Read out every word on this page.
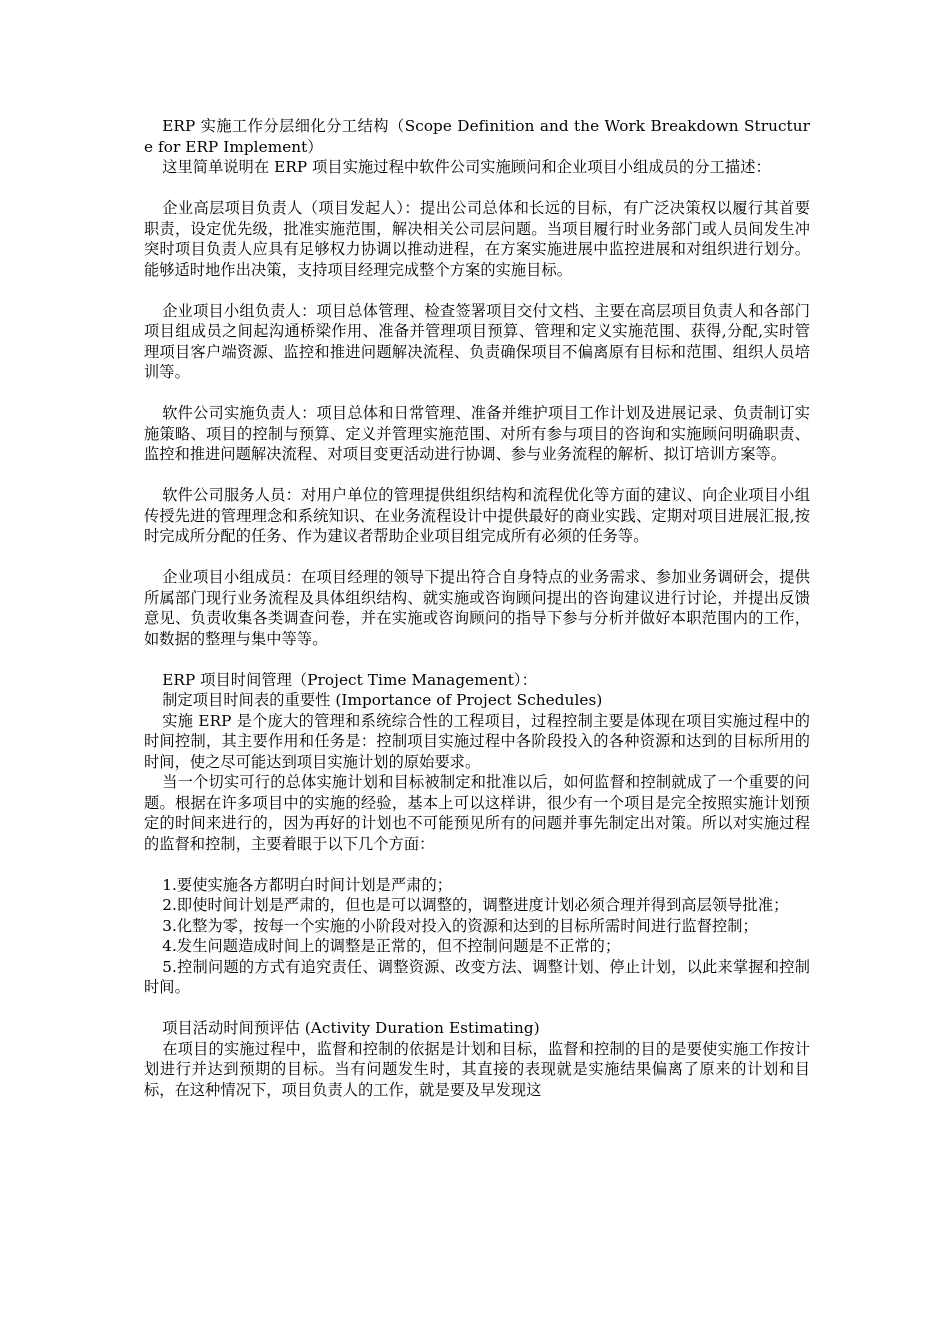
ERP 实施工作分层细化分工结构（Scope Definition and the Work Breakdown Structure for ERP Implement）

这里简单说明在 ERP 项目实施过程中软件公司实施顾问和企业项目小组成员的分工描述：

企业高层项目负责人（项目发起人）：提出公司总体和长远的目标，有广泛决策权以履行其首要职责，设定优先级，批准实施范围，解决相关公司层问题。当项目履行时业务部门或人员间发生冲突时项目负责人应具有足够权力协调以推动进程，在方案实施进展中监控进展和对组织进行划分。能够适时地作出决策，支持项目经理完成整个方案的实施目标。

企业项目小组负责人：项目总体管理、检查签署项目交付文档、主要在高层项目负责人和各部门项目组成员之间起沟通桥梁作用、准备并管理项目预算、管理和定义实施范围、获得,分配,实时管理项目客户端资源、监控和推进问题解决流程、负责确保项目不偏离原有目标和范围、组织人员培训等。

软件公司实施负责人：项目总体和日常管理、准备并维护项目工作计划及进展记录、负责制订实施策略、项目的控制与预算、定义并管理实施范围、对所有参与项目的咨询和实施顾问明确职责、监控和推进问题解决流程、对项目变更活动进行协调、参与业务流程的解析、拟订培训方案等。

软件公司服务人员：对用户单位的管理提供组织结构和流程优化等方面的建议、向企业项目小组传授先进的管理理念和系统知识、在业务流程设计中提供最好的商业实践、定期对项目进展汇报,按时完成所分配的任务、作为建议者帮助企业项目组完成所有必须的任务等。

企业项目小组成员：在项目经理的领导下提出符合自身特点的业务需求、参加业务调研会，提供所属部门现行业务流程及具体组织结构、就实施或咨询顾问提出的咨询建议进行讨论，并提出反馈意见、负责收集各类调查问卷，并在实施或咨询顾问的指导下参与分析并做好本职范围内的工作，如数据的整理与集中等等。

ERP 项目时间管理（Project Time Management）：

制定项目时间表的重要性 (Importance of Project Schedules)

实施 ERP 是个庞大的管理和系统综合性的工程项目，过程控制主要是体现在项目实施过程中的时间控制，其主要作用和任务是：控制项目实施过程中各阶段投入的各种资源和达到的目标所用的时间，使之尽可能达到项目实施计划的原始要求。

当一个切实可行的总体实施计划和目标被制定和批准以后，如何监督和控制就成了一个重要的问题。根据在许多项目中的实施的经验，基本上可以这样讲，很少有一个项目是完全按照实施计划预定的时间来进行的，因为再好的计划也不可能预见所有的问题并事先制定出对策。所以对实施过程的监督和控制，主要着眼于以下几个方面：

1.要使实施各方都明白时间计划是严肃的；

2.即使时间计划是严肃的，但也是可以调整的，调整进度计划必须合理并得到高层领导批准；

3.化整为零，按每一个实施的小阶段对投入的资源和达到的目标所需时间进行监督控制；

4.发生问题造成时间上的调整是正常的，但不控制问题是不正常的；

5.控制问题的方式有追究责任、调整资源、改变方法、调整计划、停止计划，以此来掌握和控制时间。

项目活动时间预评估 (Activity Duration Estimating)

在项目的实施过程中，监督和控制的依据是计划和目标，监督和控制的目的是要使实施工作按计划进行并达到预期的目标。当有问题发生时，其直接的表现就是实施结果偏离了原来的计划和目标，在这种情况下，项目负责人的工作，就是要及早发现这
